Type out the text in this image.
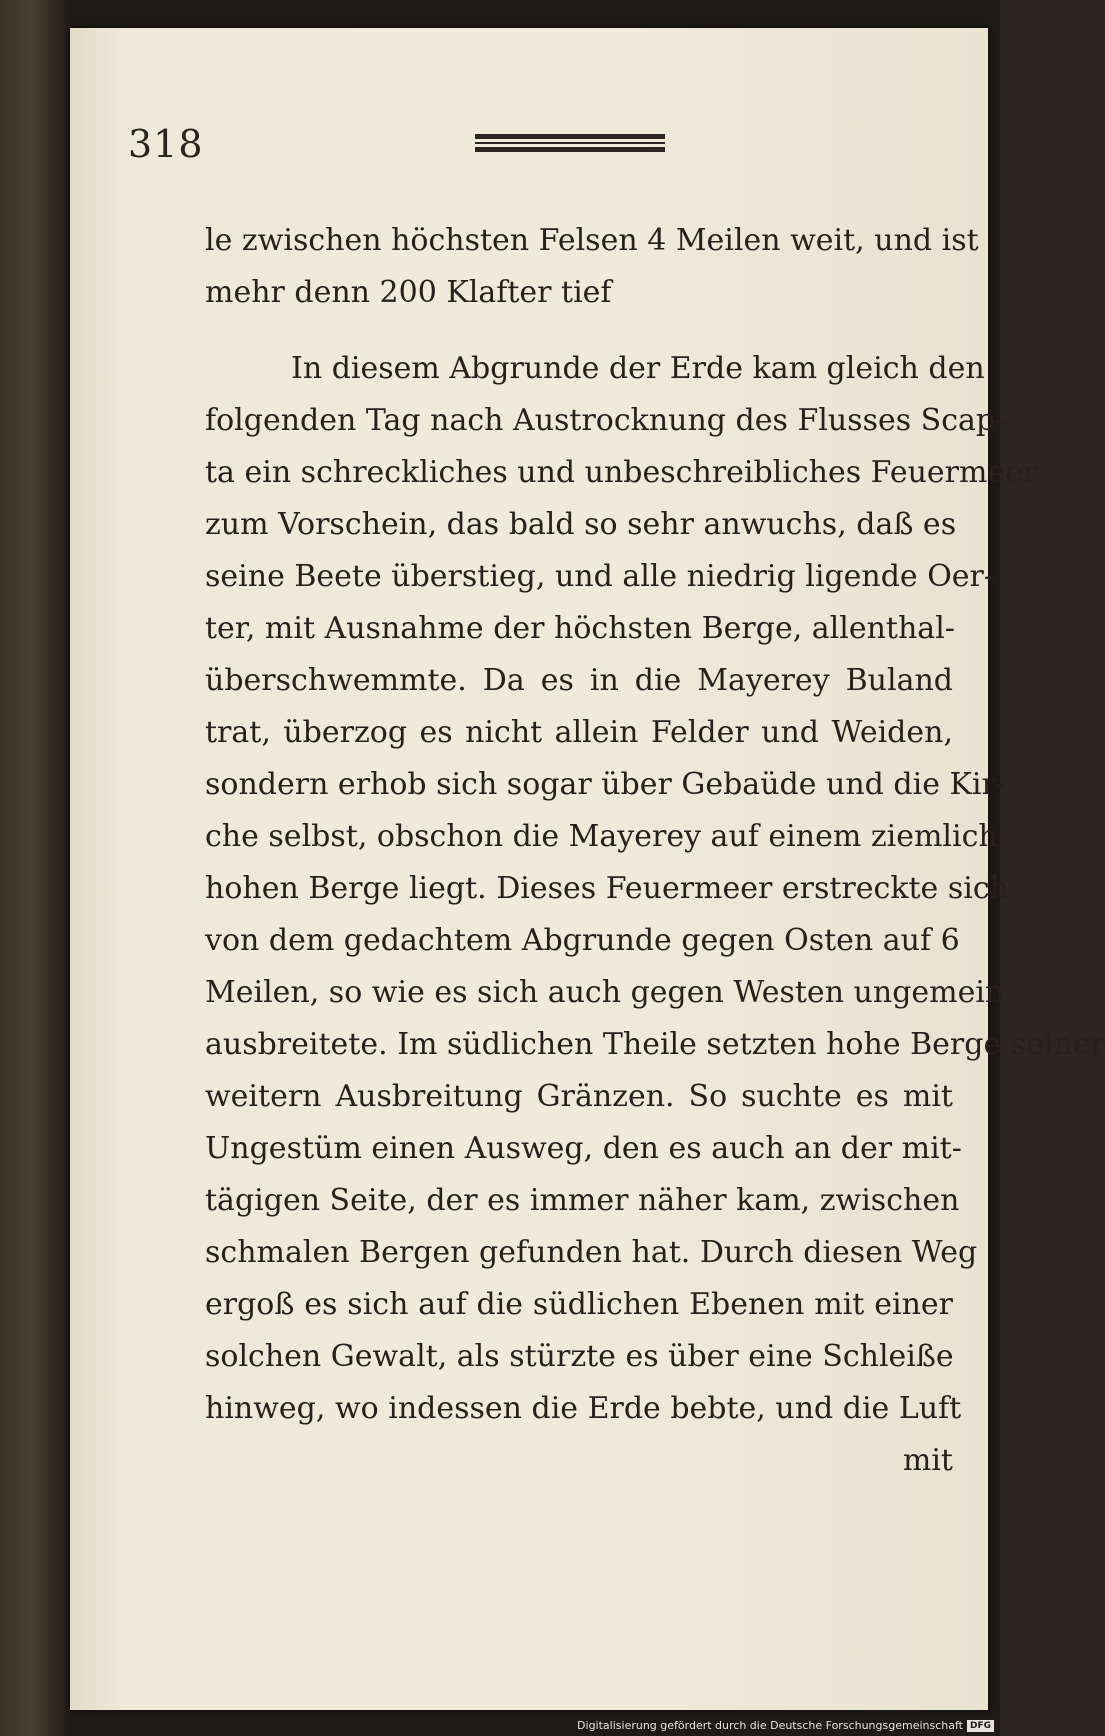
318
le zwischen höchsten Felsen 4 Meilen weit, und ist
mehr denn 200 Klafter tief
In diesem Abgrunde der Erde kam gleich den
folgenden Tag nach Austrocknung des Flusses Scap-
ta ein schreckliches und unbeschreibliches Feuermeer
zum Vorschein, das bald so sehr anwuchs, daß es
seine Beete überstieg, und alle niedrig ligende Oer-
ter, mit Ausnahme der höchsten Berge, allenthal-
überschwemmte. Da es in die Mayerey Buland
trat, überzog es nicht allein Felder und Weiden,
sondern erhob sich sogar über Gebaüde und die Kir-
che selbst, obschon die Mayerey auf einem ziemlich
hohen Berge liegt. Dieses Feuermeer erstreckte sich
von dem gedachtem Abgrunde gegen Osten auf 6
Meilen, so wie es sich auch gegen Westen ungemein
ausbreitete. Im südlichen Theile setzten hohe Berge seiner
weitern Ausbreitung Gränzen. So suchte es mit
Ungestüm einen Ausweg, den es auch an der mit-
tägigen Seite, der es immer näher kam, zwischen
schmalen Bergen gefunden hat. Durch diesen Weg
ergoß es sich auf die südlichen Ebenen mit einer
solchen Gewalt, als stürzte es über eine Schleiße
hinweg, wo indessen die Erde bebte, und die Luft
mit
Digitalisierung gefördert durch die Deutsche Forschungsgemeinschaft DFG
